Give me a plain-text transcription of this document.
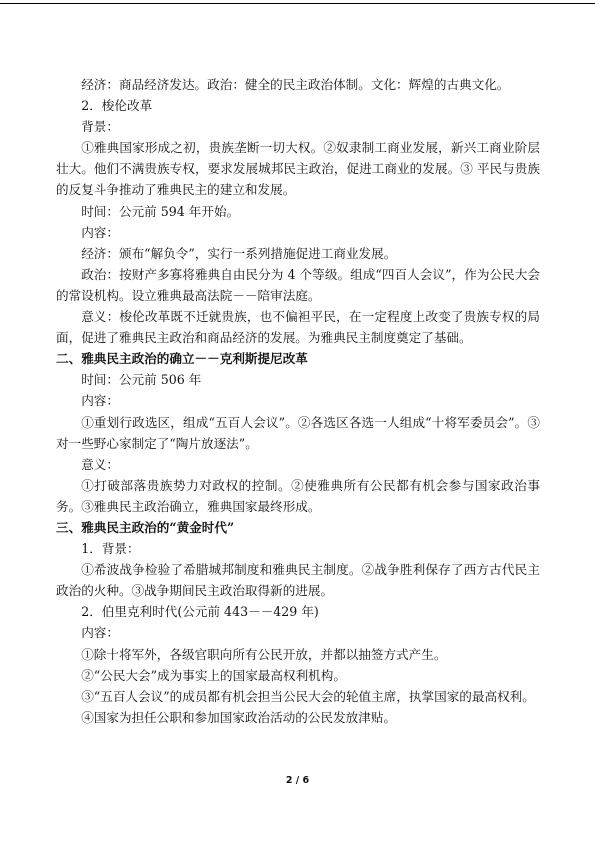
经济：商品经济发达。政治：健全的民主政治体制。文化：辉煌的古典文化。

2．梭伦改革

背景：

①雅典国家形成之初，贵族垄断一切大权。②奴隶制工商业发展，新兴工商业阶层壮大。他们不满贵族专权，要求发展城邦民主政治，促进工商业的发展。③ 平民与贵族的反复斗争推动了雅典民主的建立和发展。

时间：公元前 594 年开始。

内容：

经济：颁布“解负令”，实行一系列措施促进工商业发展。

政治：按财产多寡将雅典自由民分为 4 个等级。组成“四百人会议”，作为公民大会的常设机构。设立雅典最高法院－－陪审法庭。

意义：梭伦改革既不迁就贵族，也不偏袒平民，在一定程度上改变了贵族专权的局面，促进了雅典民主政治和商品经济的发展。为雅典民主制度奠定了基础。

二、雅典民主政治的确立－－克利斯提尼改革

时间：公元前 506 年

内容：

①重划行政选区，组成“五百人会议”。②各选区各选一人组成“十将军委员会”。③对一些野心家制定了“陶片放逐法”。

意义：

①打破部落贵族势力对政权的控制。②使雅典所有公民都有机会参与国家政治事务。③雅典民主政治确立，雅典国家最终形成。

三、雅典民主政治的“黄金时代”

1．背景：

①希波战争检验了希腊城邦制度和雅典民主制度。②战争胜利保存了西方古代民主政治的火种。③战争期间民主政治取得新的进展。

2．伯里克利时代(公元前 443－－429 年)

内容：

①除十将军外，各级官职向所有公民开放，并都以抽签方式产生。

②“公民大会”成为事实上的国家最高权利机构。

③“五百人会议”的成员都有机会担当公民大会的轮值主席，执掌国家的最高权利。

④国家为担任公职和参加国家政治活动的公民发放津贴。

2 / 6
